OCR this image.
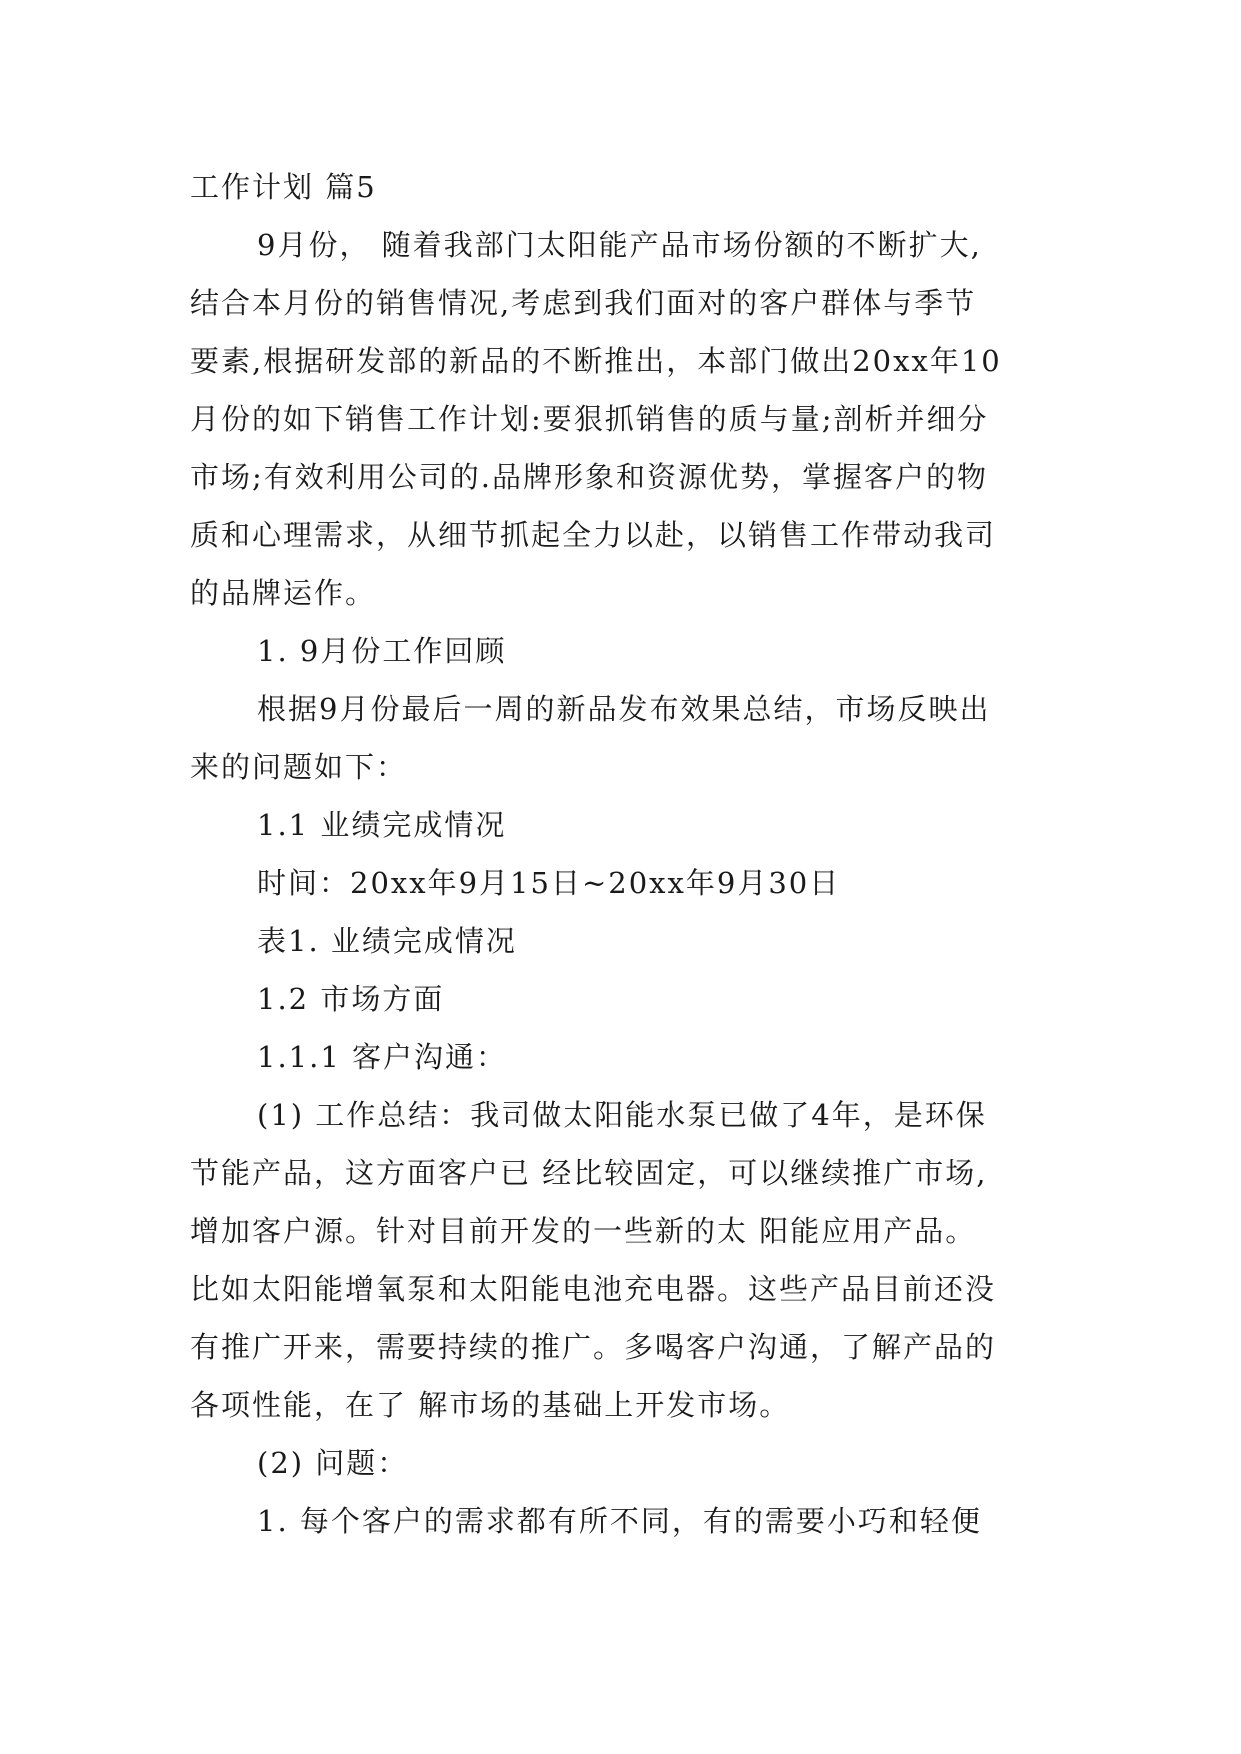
工作计划 篇5
9月份， 随着我部门太阳能产品市场份额的不断扩大,
结合本月份的销售情况,考虑到我们面对的客户群体与季节
要素,根据研发部的新品的不断推出，本部门做出20xx年10
月份的如下销售工作计划:要狠抓销售的质与量;剖析并细分
市场;有效利用公司的.品牌形象和资源优势，掌握客户的物
质和心理需求，从细节抓起全力以赴，以销售工作带动我司
的品牌运作。
1. 9月份工作回顾
根据9月份最后一周的新品发布效果总结，市场反映出
来的问题如下：
1.1 业绩完成情况
时间：20xx年9月15日~20xx年9月30日
表1. 业绩完成情况
1.2 市场方面
1.1.1 客户沟通：
(1) 工作总结：我司做太阳能水泵已做了4年，是环保
节能产品，这方面客户已 经比较固定，可以继续推广市场,
增加客户源。针对目前开发的一些新的太 阳能应用产品。
比如太阳能增氧泵和太阳能电池充电器。这些产品目前还没
有推广开来，需要持续的推广。多喝客户沟通，了解产品的
各项性能，在了 解市场的基础上开发市场。
(2) 问题：
1. 每个客户的需求都有所不同，有的需要小巧和轻便
